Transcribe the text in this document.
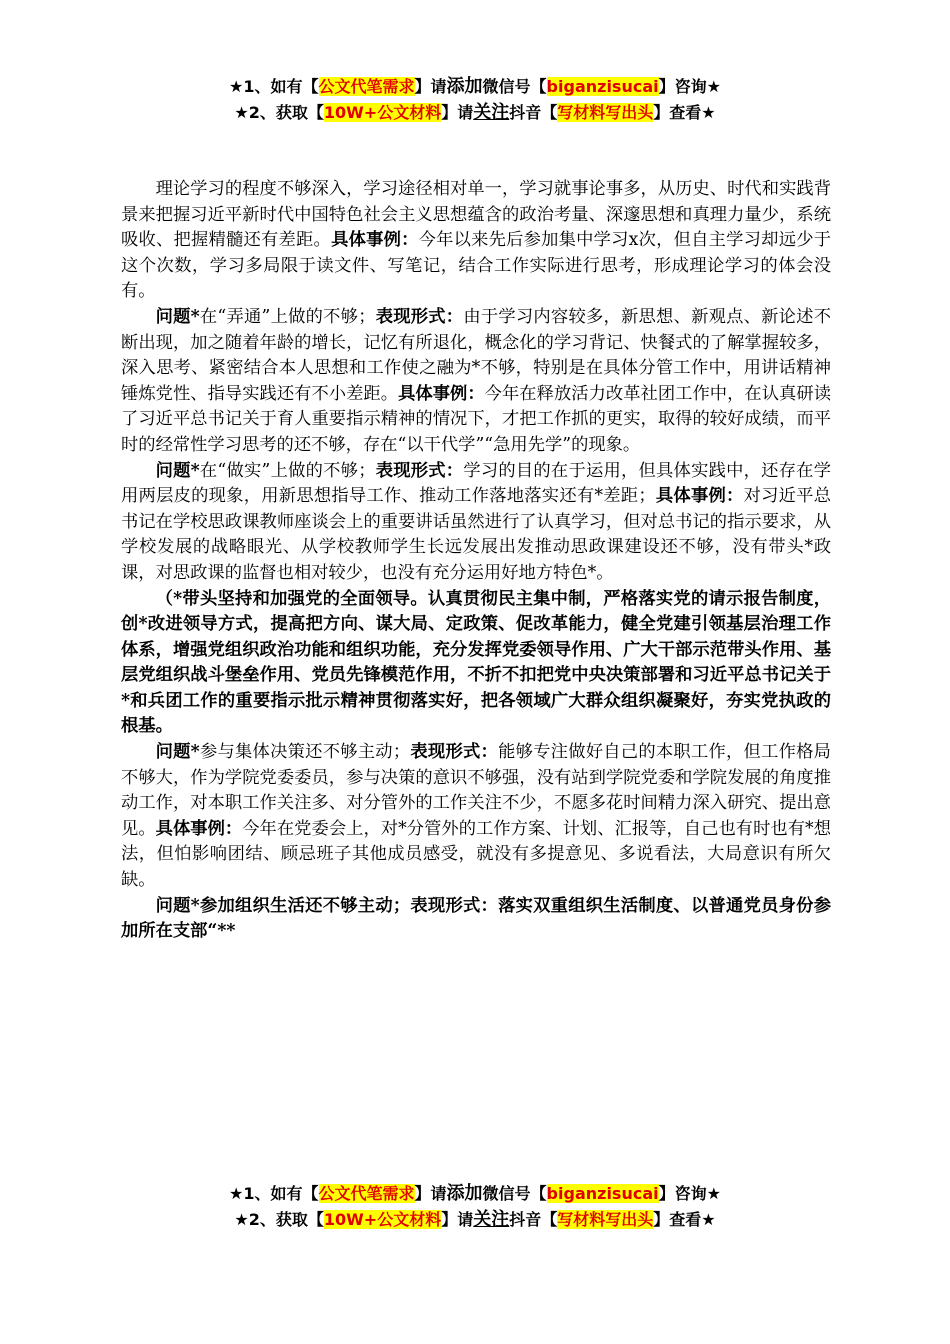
★1、如有【公文代笔需求】请添加微信号【biganzisucai】咨询★
★2、获取【10W+公文材料】请关注抖音【写材料写出头】查看★

理论学习的程度不够深入，学习途径相对单一，学习就事论事多，从历史、时代和实践背景来把握习近平新时代中国特色社会主义思想蕴含的政治考量、深邃思想和真理力量少，系统吸收、把握精髓还有差距。具体事例：今年以来先后参加集中学习x次，但自主学习却远少于这个次数，学习多局限于读文件、写笔记，结合工作实际进行思考，形成理论学习的体会没有。

问题*在“弄通”上做的不够；表现形式：由于学习内容较多，新思想、新观点、新论述不断出现，加之随着年龄的增长，记忆有所退化，概念化的学习背记、快餐式的了解掌握较多，深入思考、紧密结合本人思想和工作使之融为*不够，特别是在具体分管工作中，用讲话精神锤炼党性、指导实践还有不小差距。具体事例：今年在释放活力改革社团工作中，在认真研读了习近平总书记关于育人重要指示精神的情况下，才把工作抓的更实，取得的较好成绩，而平时的经常性学习思考的还不够，存在“以干代学”“急用先学”的现象。

问题*在“做实”上做的不够；表现形式：学习的目的在于运用，但具体实践中，还存在学用两层皮的现象，用新思想指导工作、推动工作落地落实还有*差距；具体事例：对习近平总书记在学校思政课教师座谈会上的重要讲话虽然进行了认真学习，但对总书记的指示要求，从学校发展的战略眼光、从学校教师学生长远发展出发推动思政课建设还不够，没有带头*政课，对思政课的监督也相对较少，也没有充分运用好地方特色*。

（*带头坚持和加强党的全面领导。认真贯彻民主集中制，严格落实党的请示报告制度，创*改进领导方式，提高把方向、谋大局、定政策、促改革能力，健全党建引领基层治理工作体系，增强党组织政治功能和组织功能，充分发挥党委领导作用、广大干部示范带头作用、基层党组织战斗堡垒作用、党员先锋模范作用，不折不扣把党中央决策部署和习近平总书记关于*和兵团工作的重要指示批示精神贯彻落实好，把各领域广大群众组织凝聚好，夯实党执政的根基。

问题*参与集体决策还不够主动；表现形式：能够专注做好自己的本职工作，但工作格局不够大，作为学院党委委员，参与决策的意识不够强，没有站到学院党委和学院发展的角度推动工作，对本职工作关注多、对分管外的工作关注不少，不愿多花时间精力深入研究、提出意见。具体事例：今年在党委会上，对*分管外的工作方案、计划、汇报等，自己也有时也有*想法，但怕影响团结、顾忌班子其他成员感受，就没有多提意见、多说看法，大局意识有所欠缺。

问题*参加组织生活还不够主动；表现形式：落实双重组织生活制度、以普通党员身份参加所在支部“**

★1、如有【公文代笔需求】请添加微信号【biganzisucai】咨询★
★2、获取【10W+公文材料】请关注抖音【写材料写出头】查看★
